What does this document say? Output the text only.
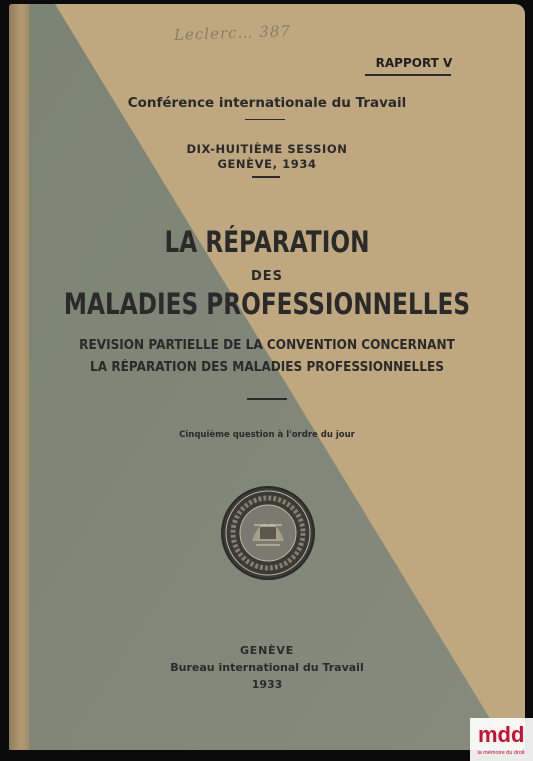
Leclerc… 387
RAPPORT V

Conférence internationale du Travail

DIX-HUITIÈME SESSION

GENÈVE, 1934

LA RÉPARATION

DES

MALADIES PROFESSIONNELLES

REVISION PARTIELLE DE LA CONVENTION CONCERNANT

LA RÉPARATION DES MALADIES PROFESSIONNELLES

Cinquième question à l'ordre du jour

GENÈVE

Bureau international du Travail

1933

mdd
la mémoire du droit
